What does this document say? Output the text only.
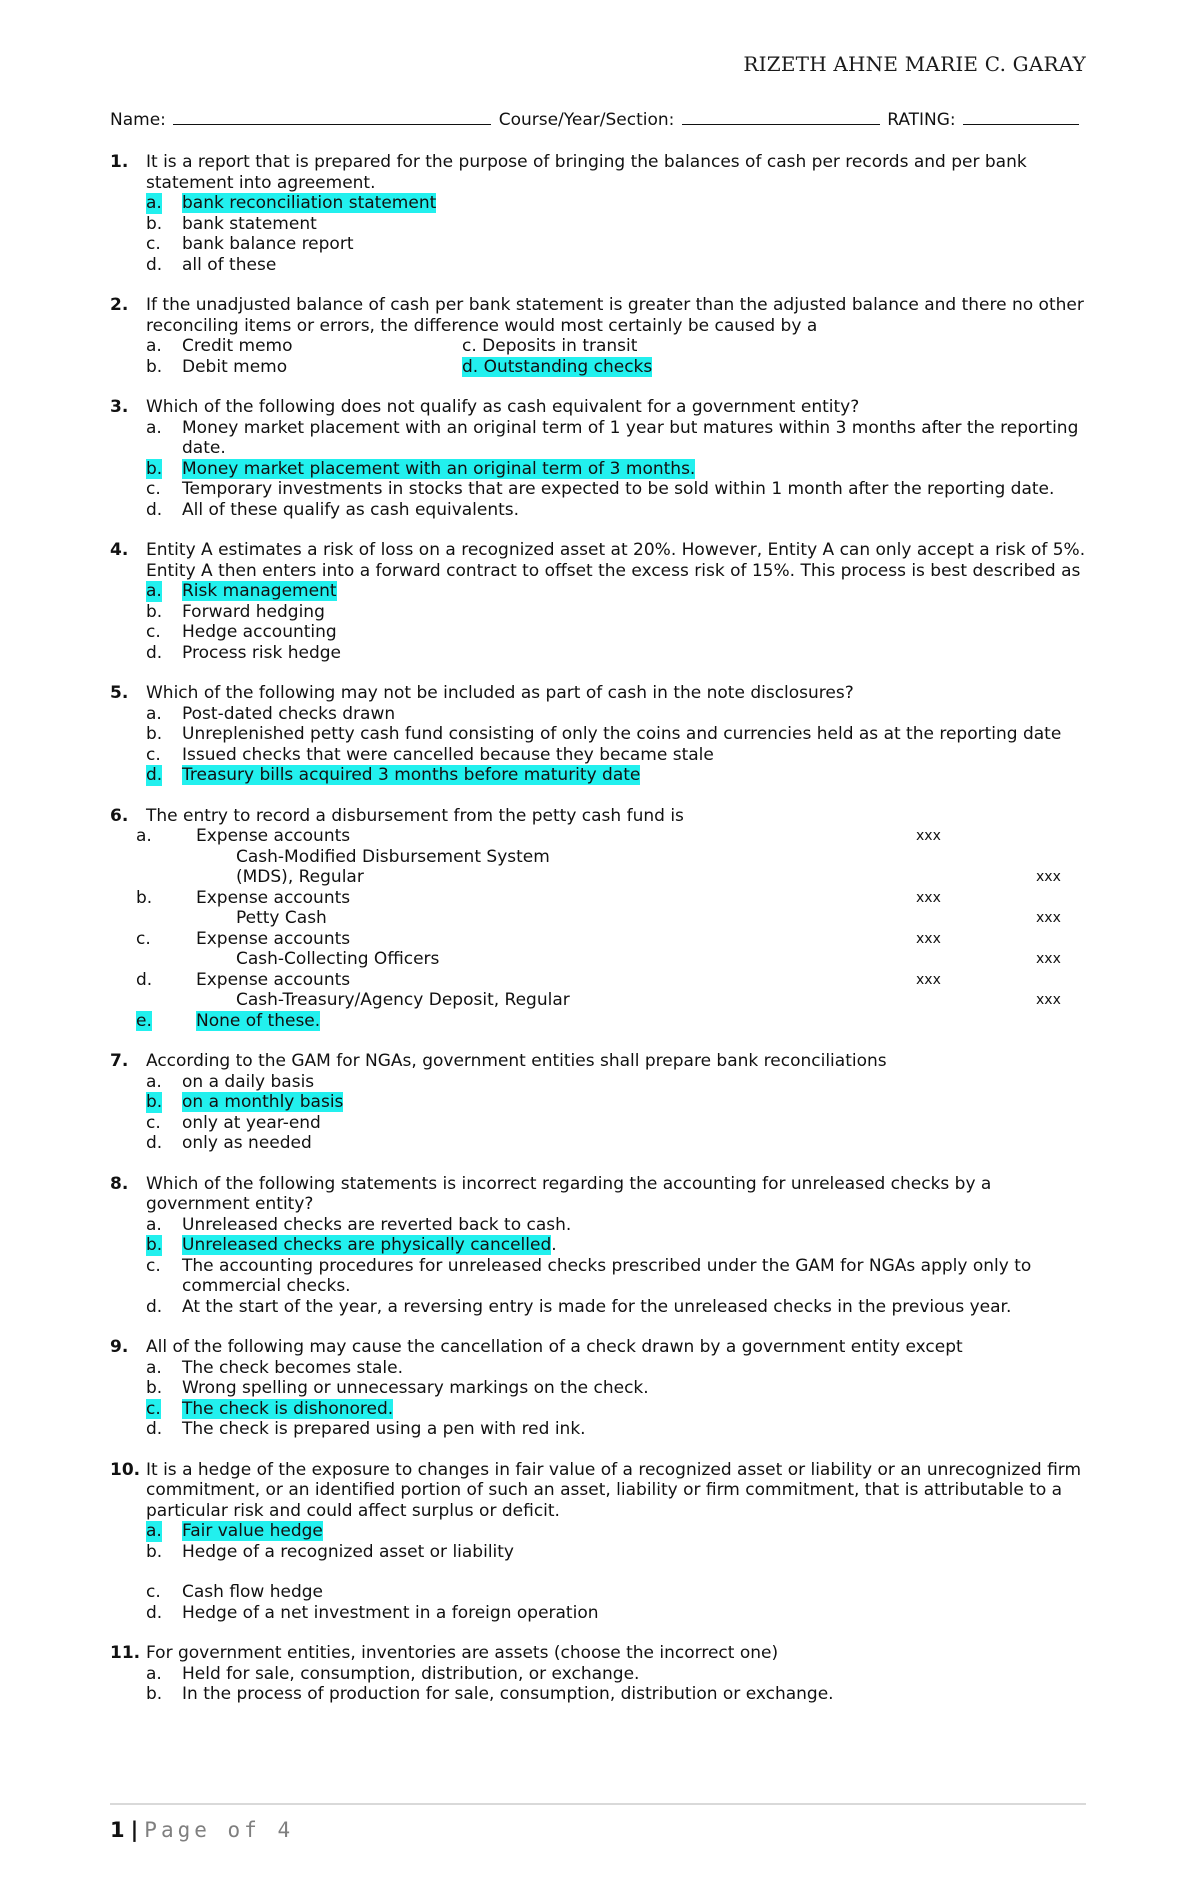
RIZETH AHNE MARIE C. GARAY
Name:	Course/Year/Section:	RATING:
1. It is a report that is prepared for the purpose of bringing the balances of cash per records and per bank statement into agreement.
a. bank reconciliation statement
b. bank statement
c. bank balance report
d. all of these
2. If the unadjusted balance of cash per bank statement is greater than the adjusted balance and there no other reconciling items or errors, the difference would most certainly be caused by a
a. Credit memo	c. Deposits in transit
b. Debit memo	d. Outstanding checks
3. Which of the following does not qualify as cash equivalent for a government entity?
a. Money market placement with an original term of 1 year but matures within 3 months after the reporting date.
b. Money market placement with an original term of 3 months.
c. Temporary investments in stocks that are expected to be sold within 1 month after the reporting date.
d. All of these qualify as cash equivalents.
4. Entity A estimates a risk of loss on a recognized asset at 20%. However, Entity A can only accept a risk of 5%. Entity A then enters into a forward contract to offset the excess risk of 15%. This process is best described as
a. Risk management
b. Forward hedging
c. Hedge accounting
d. Process risk hedge
5. Which of the following may not be included as part of cash in the note disclosures?
a. Post-dated checks drawn
b. Unreplenished petty cash fund consisting of only the coins and currencies held as at the reporting date
c. Issued checks that were cancelled because they became stale
d. Treasury bills acquired 3 months before maturity date
6. The entry to record a disbursement from the petty cash fund is
a.	Expense accounts	xxx
Cash-Modified Disbursement System
(MDS), Regular	xxx
b.	Expense accounts	xxx
Petty Cash	xxx
c.	Expense accounts	xxx
Cash-Collecting Officers	xxx
d.	Expense accounts	xxx
Cash-Treasury/Agency Deposit, Regular	xxx
e.	None of these.
7. According to the GAM for NGAs, government entities shall prepare bank reconciliations
a. on a daily basis
b. on a monthly basis
c. only at year-end
d. only as needed
8. Which of the following statements is incorrect regarding the accounting for unreleased checks by a government entity?
a. Unreleased checks are reverted back to cash.
b. Unreleased checks are physically cancelled.
c. The accounting procedures for unreleased checks prescribed under the GAM for NGAs apply only to commercial checks.
d. At the start of the year, a reversing entry is made for the unreleased checks in the previous year.
9. All of the following may cause the cancellation of a check drawn by a government entity except
a. The check becomes stale.
b. Wrong spelling or unnecessary markings on the check.
c. The check is dishonored.
d. The check is prepared using a pen with red ink.
10. It is a hedge of the exposure to changes in fair value of a recognized asset or liability or an unrecognized firm commitment, or an identified portion of such an asset, liability or firm commitment, that is attributable to a particular risk and could affect surplus or deficit.
a. Fair value hedge
b. Hedge of a recognized asset or liability
c. Cash flow hedge
d. Hedge of a net investment in a foreign operation
11. For government entities, inventories are assets (choose the incorrect one)
a. Held for sale, consumption, distribution, or exchange.
b. In the process of production for sale, consumption, distribution or exchange.
1 | Page of 4
